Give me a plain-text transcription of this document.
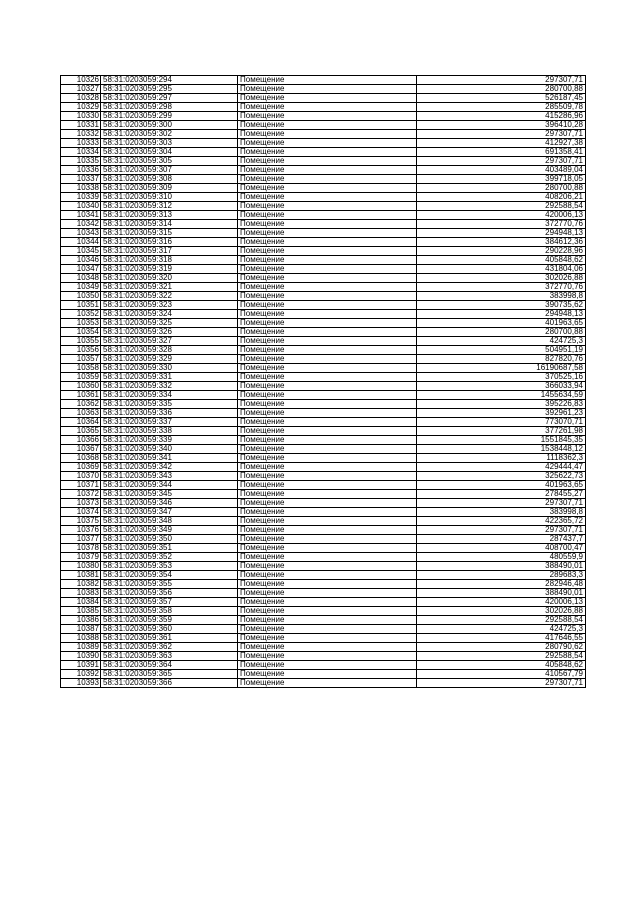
10326	58:31:0203059:294	Помещение	297307,71
10327	58:31:0203059:295	Помещение	280700,88
10328	58:31:0203059:297	Помещение	526187,45
10329	58:31:0203059:298	Помещение	285509,78
10330	58:31:0203059:299	Помещение	415286,96
10331	58:31:0203059:300	Помещение	396410,28
10332	58:31:0203059:302	Помещение	297307,71
10333	58:31:0203059:303	Помещение	412927,38
10334	58:31:0203059:304	Помещение	691358,41
10335	58:31:0203059:305	Помещение	297307,71
10336	58:31:0203059:307	Помещение	403489,04
10337	58:31:0203059:308	Помещение	399718,05
10338	58:31:0203059:309	Помещение	280700,88
10339	58:31:0203059:310	Помещение	408206,21
10340	58:31:0203059:312	Помещение	292588,54
10341	58:31:0203059:313	Помещение	420006,13
10342	58:31:0203059:314	Помещение	372770,76
10343	58:31:0203059:315	Помещение	294948,13
10344	58:31:0203059:316	Помещение	384612,36
10345	58:31:0203059:317	Помещение	290228,96
10346	58:31:0203059:318	Помещение	405848,62
10347	58:31:0203059:319	Помещение	431804,06
10348	58:31:0203059:320	Помещение	302026,88
10349	58:31:0203059:321	Помещение	372770,76
10350	58:31:0203059:322	Помещение	383998,8
10351	58:31:0203059:323	Помещение	390735,62
10352	58:31:0203059:324	Помещение	294948,13
10353	58:31:0203059:325	Помещение	401963,65
10354	58:31:0203059:326	Помещение	280700,88
10355	58:31:0203059:327	Помещение	424725,3
10356	58:31:0203059:328	Помещение	504951,19
10357	58:31:0203059:329	Помещение	827820,76
10358	58:31:0203059:330	Помещение	16190687,58
10359	58:31:0203059:331	Помещение	370525,16
10360	58:31:0203059:332	Помещение	366033,94
10361	58:31:0203059:334	Помещение	1455634,59
10362	58:31:0203059:335	Помещение	395226,83
10363	58:31:0203059:336	Помещение	392961,23
10364	58:31:0203059:337	Помещение	773070,71
10365	58:31:0203059:338	Помещение	377261,98
10366	58:31:0203059:339	Помещение	1551845,35
10367	58:31:0203059:340	Помещение	1538448,12
10368	58:31:0203059:341	Помещение	1118362,3
10369	58:31:0203059:342	Помещение	429444,47
10370	58:31:0203059:343	Помещение	325622,73
10371	58:31:0203059:344	Помещение	401963,65
10372	58:31:0203059:345	Помещение	278455,27
10373	58:31:0203059:346	Помещение	297307,71
10374	58:31:0203059:347	Помещение	383998,8
10375	58:31:0203059:348	Помещение	422365,72
10376	58:31:0203059:349	Помещение	297307,71
10377	58:31:0203059:350	Помещение	287437,7
10378	58:31:0203059:351	Помещение	408700,47
10379	58:31:0203059:352	Помещение	480559,9
10380	58:31:0203059:353	Помещение	388490,01
10381	58:31:0203059:354	Помещение	289683,3
10382	58:31:0203059:355	Помещение	282946,48
10383	58:31:0203059:356	Помещение	388490,01
10384	58:31:0203059:357	Помещение	420006,13
10385	58:31:0203059:358	Помещение	302026,88
10386	58:31:0203059:359	Помещение	292588,54
10387	58:31:0203059:360	Помещение	424725,3
10388	58:31:0203059:361	Помещение	417646,55
10389	58:31:0203059:362	Помещение	280790,62
10390	58:31:0203059:363	Помещение	292588,54
10391	58:31:0203059:364	Помещение	405848,62
10392	58:31:0203059:365	Помещение	410567,79
10393	58:31:0203059:366	Помещение	297307,71
